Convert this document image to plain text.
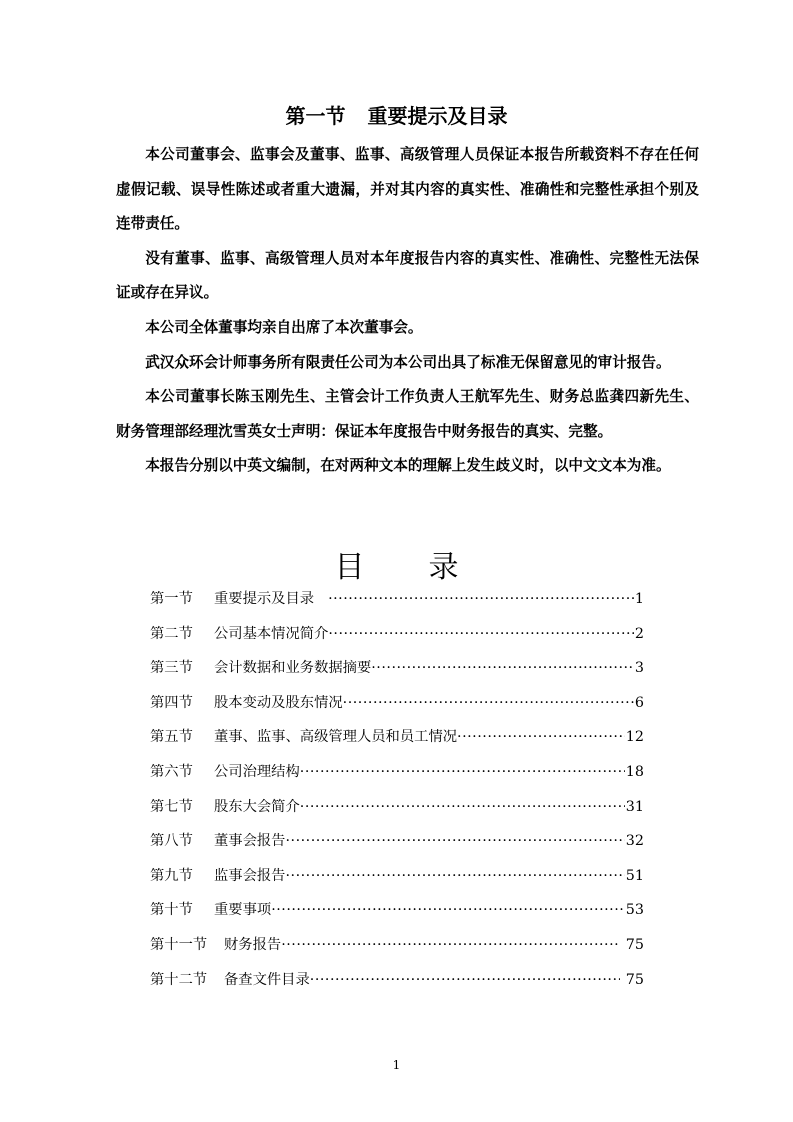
第一节 重要提示及目录

本公司董事会、监事会及董事、监事、高级管理人员保证本报告所载资料不存在任何虚假记载、误导性陈述或者重大遗漏，并对其内容的真实性、准确性和完整性承担个别及连带责任。

没有董事、监事、高级管理人员对本年度报告内容的真实性、准确性、完整性无法保证或存在异议。

本公司全体董事均亲自出席了本次董事会。

武汉众环会计师事务所有限责任公司为本公司出具了标准无保留意见的审计报告。

本公司董事长陈玉刚先生、主管会计工作负责人王航军先生、财务总监龚四新先生、财务管理部经理沈雪英女士声明：保证本年度报告中财务报告的真实、完整。

本报告分别以中英文编制，在对两种文本的理解上发生歧义时，以中文文本为准。

目 录
第一节	重要提示及目录 ·····	1
第二节	公司基本情况简介 ·····	2
第三节	会计数据和业务数据摘要 ·····	3
第四节	股本变动及股东情况 ·····	6
第五节	董事、监事、高级管理人员和员工情况 ·····	12
第六节	公司治理结构 ·····	18
第七节	股东大会简介 ·····	31
第八节	董事会报告 ·····	32
第九节	监事会报告 ·····	51
第十节	重要事项 ·····	53
第十一节	财务报告 ·····	75
第十二节	备查文件目录 ·····	75
1
